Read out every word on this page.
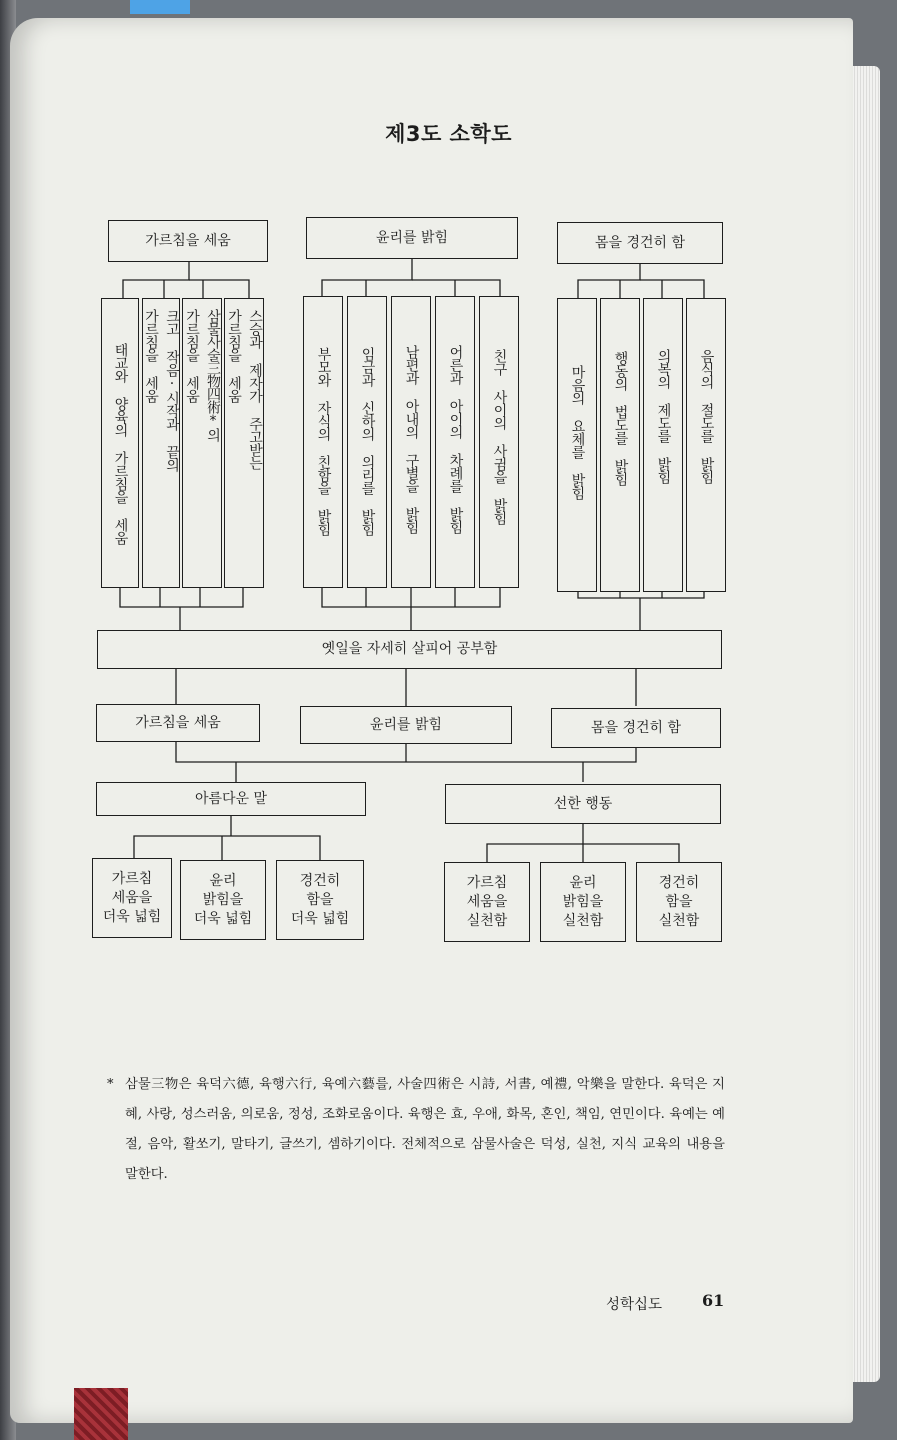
제3도 소학도
가르침을 세움	윤리를 밝힘	몸을 경건히 함
태교와 양육의 가르침을 세움	크고 작음·시작과 끝의
가르침을 세움	삼물사술三物四術*의
가르침을 세움	스승과 제자가 주고받는
가르침을 세움	부모와 자식의 친함을 밝힘 임금과 신하의 의리를 밝힘 남편과 아내의 구별을 밝힘 어른과 아이의 차례를 밝힘 친구 사이의 사귐을 밝힘	마음의 요체를 밝힘 행동의 법도를 밝힘 의복의 제도를 밝힘 음식의 절도를 밝힘
옛일을 자세히 살피어 공부함
가르침을 세움	윤리를 밝힘	몸을 경건히 함
아름다운 말	선한 행동
가르침
세움을
더욱 넓힘
윤리
밝힘을
더욱 넓힘
경건히
함을
더욱 넓힘
가르침
세움을
실천함
윤리
밝힘을
실천함
경건히
함을
실천함
* 삼물三物은 육덕六德, 육행六行, 육예六藝를, 사술四術은 시詩, 서書, 예禮, 악樂을 말한다. 육덕은 지혜, 사랑, 성스러움, 의로움, 정성, 조화로움이다. 육행은 효, 우애, 화목, 혼인, 책임, 연민이다. 육예는 예절, 음악, 활쏘기, 말타기, 글쓰기, 셈하기이다. 전체적으로 삼물사술은 덕성, 실천, 지식 교육의 내용을 말한다.
성학십도 61
